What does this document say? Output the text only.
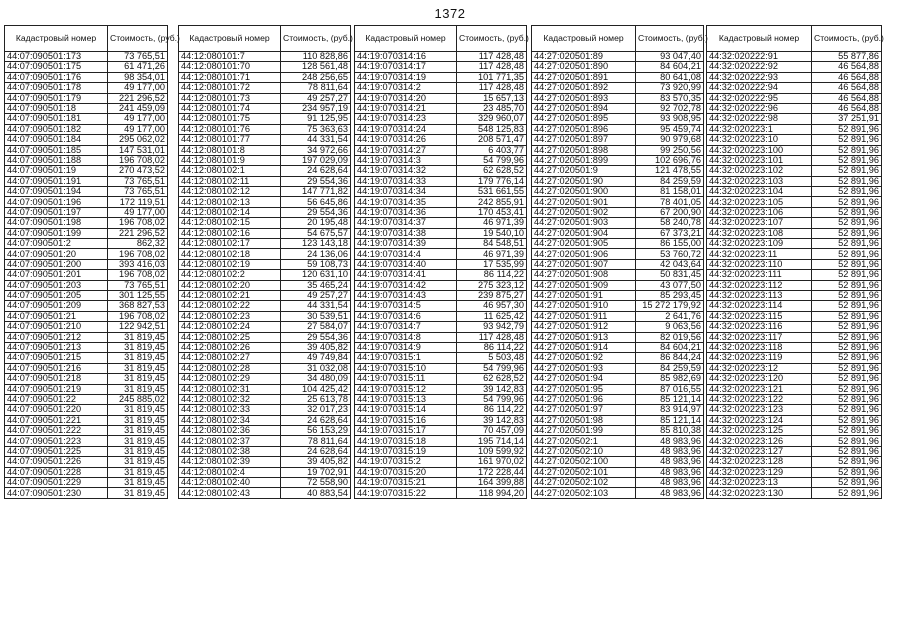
1372
Кадастровый номер	Стоимость, (руб.)
44:07:090501:173	73 765,51
44:07:090501:175	61 471,26
44:07:090501:176	98 354,01
44:07:090501:178	49 177,00
44:07:090501:179	221 296,52
44:07:090501:18	241 459,09
44:07:090501:181	49 177,00
44:07:090501:182	49 177,00
44:07:090501:184	295 062,02
44:07:090501:185	147 531,01
44:07:090501:188	196 708,02
44:07:090501:19	270 473,52
44:07:090501:191	73 765,51
44:07:090501:194	73 765,51
44:07:090501:196	172 119,51
44:07:090501:197	49 177,00
44:07:090501:198	196 708,02
44:07:090501:199	221 296,52
44:07:090501:2	862,32
44:07:090501:20	196 708,02
44:07:090501:200	393 416,03
44:07:090501:201	196 708,02
44:07:090501:203	73 765,51
44:07:090501:205	301 125,55
44:07:090501:209	368 827,53
44:07:090501:21	196 708,02
44:07:090501:210	122 942,51
44:07:090501:212	31 819,45
44:07:090501:213	31 819,45
44:07:090501:215	31 819,45
44:07:090501:216	31 819,45
44:07:090501:218	31 819,45
44:07:090501:219	31 819,45
44:07:090501:22	245 885,02
44:07:090501:220	31 819,45
44:07:090501:221	31 819,45
44:07:090501:222	31 819,45
44:07:090501:223	31 819,45
44:07:090501:225	31 819,45
44:07:090501:226	31 819,45
44:07:090501:228	31 819,45
44:07:090501:229	31 819,45
44:07:090501:230	31 819,45
Кадастровый номер	Стоимость, (руб.)
44:12:080101:7	110 828,86
44:12:080101:70	128 561,48
44:12:080101:71	248 256,65
44:12:080101:72	78 811,64
44:12:080101:73	49 257,27
44:12:080101:74	234 957,19
44:12:080101:75	91 125,95
44:12:080101:76	75 363,63
44:12:080101:77	44 331,54
44:12:080101:8	34 972,66
44:12:080101:9	197 029,09
44:12:080102:1	24 628,64
44:12:080102:11	29 554,36
44:12:080102:12	147 771,82
44:12:080102:13	56 645,86
44:12:080102:14	29 554,36
44:12:080102:15	20 195,48
44:12:080102:16	54 675,57
44:12:080102:17	123 143,18
44:12:080102:18	24 136,06
44:12:080102:19	59 108,73
44:12:080102:2	120 631,10
44:12:080102:20	35 465,24
44:12:080102:21	49 257,27
44:12:080102:22	44 331,54
44:12:080102:23	30 539,51
44:12:080102:24	27 584,07
44:12:080102:25	29 554,36
44:12:080102:26	39 405,82
44:12:080102:27	49 749,84
44:12:080102:28	31 032,08
44:12:080102:29	34 480,09
44:12:080102:31	104 425,42
44:12:080102:32	25 613,78
44:12:080102:33	32 017,23
44:12:080102:34	24 628,64
44:12:080102:36	56 153,29
44:12:080102:37	78 811,64
44:12:080102:38	24 628,64
44:12:080102:39	39 405,82
44:12:080102:4	19 702,91
44:12:080102:40	72 558,90
44:12:080102:43	40 883,54
Кадастровый номер	Стоимость, (руб.)
44:19:070314:16	117 428,48
44:19:070314:17	117 428,48
44:19:070314:19	101 771,35
44:19:070314:2	117 428,48
44:19:070314:20	15 657,13
44:19:070314:21	23 485,70
44:19:070314:23	329 960,07
44:19:070314:24	548 125,83
44:19:070314:26	208 571,47
44:19:070314:27	6 403,77
44:19:070314:3	54 799,96
44:19:070314:32	62 628,52
44:19:070314:33	179 776,14
44:19:070314:34	531 661,55
44:19:070314:35	242 855,91
44:19:070314:36	170 453,41
44:19:070314:37	46 971,39
44:19:070314:38	19 540,10
44:19:070314:39	84 548,51
44:19:070314:4	46 971,39
44:19:070314:40	17 535,99
44:19:070314:41	86 114,22
44:19:070314:42	275 323,12
44:19:070314:43	239 875,27
44:19:070314:5	46 957,30
44:19:070314:6	11 625,42
44:19:070314:7	93 942,79
44:19:070314:8	117 428,48
44:19:070314:9	86 114,22
44:19:070315:1	5 503,48
44:19:070315:10	54 799,96
44:19:070315:11	62 628,52
44:19:070315:12	39 142,83
44:19:070315:13	54 799,96
44:19:070315:14	86 114,22
44:19:070315:16	39 142,83
44:19:070315:17	70 457,09
44:19:070315:18	195 714,14
44:19:070315:19	109 599,92
44:19:070315:2	161 970,02
44:19:070315:20	172 228,44
44:19:070315:21	164 399,88
44:19:070315:22	118 994,20
Кадастровый номер	Стоимость, (руб.)
44:27:020501:89	93 047,40
44:27:020501:890	84 604,21
44:27:020501:891	80 641,08
44:27:020501:892	73 920,99
44:27:020501:893	83 570,35
44:27:020501:894	92 702,78
44:27:020501:895	93 908,95
44:27:020501:896	95 459,74
44:27:020501:897	90 979,68
44:27:020501:898	99 250,56
44:27:020501:899	102 696,76
44:27:020501:9	121 478,55
44:27:020501:90	84 259,59
44:27:020501:900	81 158,01
44:27:020501:901	78 401,05
44:27:020501:902	67 200,90
44:27:020501:903	58 240,78
44:27:020501:904	67 373,21
44:27:020501:905	86 155,00
44:27:020501:906	53 760,72
44:27:020501:907	42 043,64
44:27:020501:908	50 831,45
44:27:020501:909	43 077,50
44:27:020501:91	85 293,45
44:27:020501:910	15 272 179,92
44:27:020501:911	2 641,76
44:27:020501:912	9 063,56
44:27:020501:913	82 019,56
44:27:020501:914	84 604,21
44:27:020501:92	86 844,24
44:27:020501:93	84 259,59
44:27:020501:94	85 982,69
44:27:020501:95	87 016,55
44:27:020501:96	85 121,14
44:27:020501:97	83 914,97
44:27:020501:98	85 121,14
44:27:020501:99	85 810,38
44:27:020502:1	48 983,96
44:27:020502:10	48 983,96
44:27:020502:100	48 983,96
44:27:020502:101	48 983,96
44:27:020502:102	48 983,96
44:27:020502:103	48 983,96
Кадастровый номер	Стоимость, (руб.)
44:32:020222:91	55 877,86
44:32:020222:92	46 564,88
44:32:020222:93	46 564,88
44:32:020222:94	46 564,88
44:32:020222:95	46 564,88
44:32:020222:96	46 564,88
44:32:020222:98	37 251,91
44:32:020223:1	52 891,96
44:32:020223:10	52 891,96
44:32:020223:100	52 891,96
44:32:020223:101	52 891,96
44:32:020223:102	52 891,96
44:32:020223:103	52 891,96
44:32:020223:104	52 891,96
44:32:020223:105	52 891,96
44:32:020223:106	52 891,96
44:32:020223:107	52 891,96
44:32:020223:108	52 891,96
44:32:020223:109	52 891,96
44:32:020223:11	52 891,96
44:32:020223:110	52 891,96
44:32:020223:111	52 891,96
44:32:020223:112	52 891,96
44:32:020223:113	52 891,96
44:32:020223:114	52 891,96
44:32:020223:115	52 891,96
44:32:020223:116	52 891,96
44:32:020223:117	52 891,96
44:32:020223:118	52 891,96
44:32:020223:119	52 891,96
44:32:020223:12	52 891,96
44:32:020223:120	52 891,96
44:32:020223:121	52 891,96
44:32:020223:122	52 891,96
44:32:020223:123	52 891,96
44:32:020223:124	52 891,96
44:32:020223:125	52 891,96
44:32:020223:126	52 891,96
44:32:020223:127	52 891,96
44:32:020223:128	52 891,96
44:32:020223:129	52 891,96
44:32:020223:13	52 891,96
44:32:020223:130	52 891,96
